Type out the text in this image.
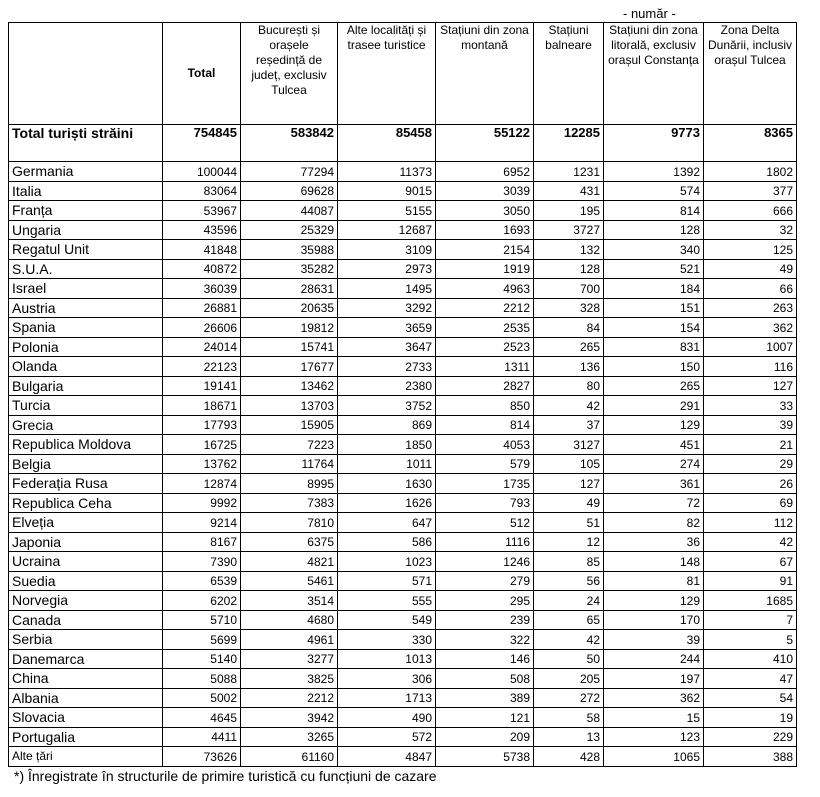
- număr -
	Total	București și orașele reședință de județ, exclusiv Tulcea	Alte localități și trasee turistice	Stațiuni din zona montană	Stațiuni balneare	Stațiuni din zona litorală, exclusiv orașul Constanța	Zona Delta Dunării, inclusiv orașul Tulcea
Total turiști străini	754845	583842	85458	55122	12285	9773	8365
Germania	100044	77294	11373	6952	1231	1392	1802
Italia	83064	69628	9015	3039	431	574	377
Franța	53967	44087	5155	3050	195	814	666
Ungaria	43596	25329	12687	1693	3727	128	32
Regatul Unit	41848	35988	3109	2154	132	340	125
S.U.A.	40872	35282	2973	1919	128	521	49
Israel	36039	28631	1495	4963	700	184	66
Austria	26881	20635	3292	2212	328	151	263
Spania	26606	19812	3659	2535	84	154	362
Polonia	24014	15741	3647	2523	265	831	1007
Olanda	22123	17677	2733	1311	136	150	116
Bulgaria	19141	13462	2380	2827	80	265	127
Turcia	18671	13703	3752	850	42	291	33
Grecia	17793	15905	869	814	37	129	39
Republica Moldova	16725	7223	1850	4053	3127	451	21
Belgia	13762	11764	1011	579	105	274	29
Federația Rusa	12874	8995	1630	1735	127	361	26
Republica Ceha	9992	7383	1626	793	49	72	69
Elveția	9214	7810	647	512	51	82	112
Japonia	8167	6375	586	1116	12	36	42
Ucraina	7390	4821	1023	1246	85	148	67
Suedia	6539	5461	571	279	56	81	91
Norvegia	6202	3514	555	295	24	129	1685
Canada	5710	4680	549	239	65	170	7
Serbia	5699	4961	330	322	42	39	5
Danemarca	5140	3277	1013	146	50	244	410
China	5088	3825	306	508	205	197	47
Albania	5002	2212	1713	389	272	362	54
Slovacia	4645	3942	490	121	58	15	19
Portugalia	4411	3265	572	209	13	123	229
Alte țări	73626	61160	4847	5738	428	1065	388
*) Înregistrate în structurile de primire turistică cu funcțiuni de cazare
